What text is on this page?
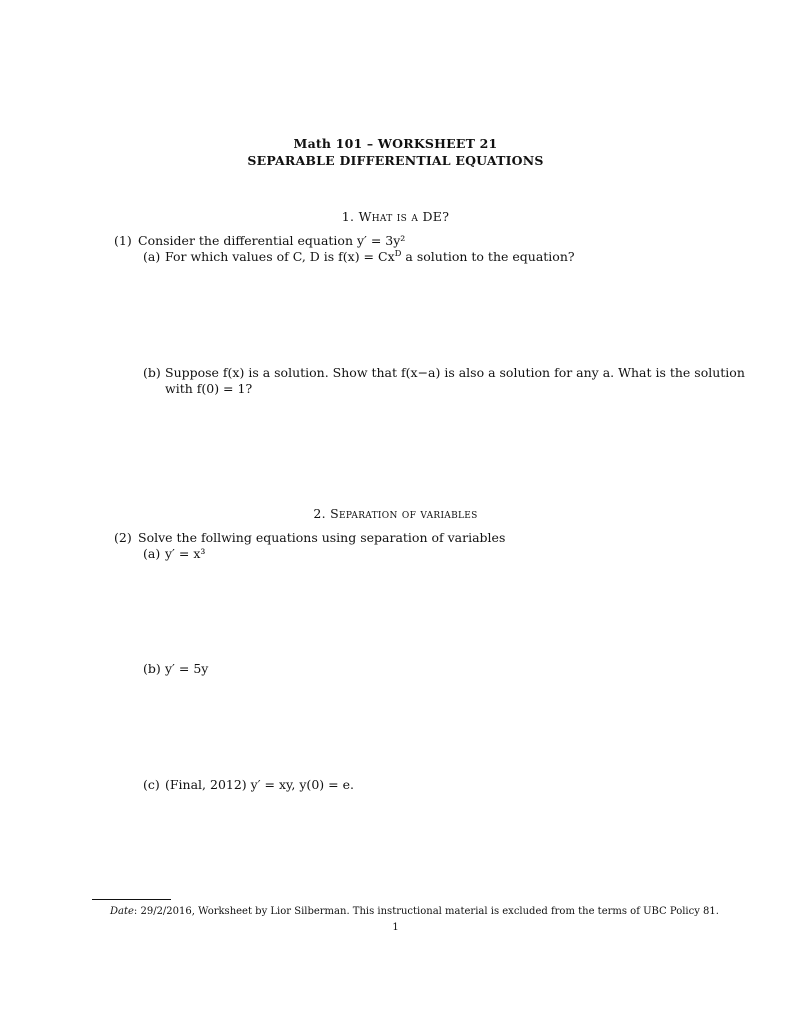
Math 101 – WORKSHEET 21
SEPARABLE DIFFERENTIAL EQUATIONS
1. What is a DE?
(1) Consider the differential equation y′ = 3y²
(a) For which values of C, D is $f(x) = Cx^D$ a solution to the equation?
(b) Suppose f(x) is a solution. Show that f(x−a) is also a solution for any a. What is the solution
with f(0) = 1?
2. Separation of variables
(2) Solve the follwing equations using separation of variables
(a) y′ = x³
(b) y′ = 5y
(c) (Final, 2012) y′ = xy, y(0) = e.
Date: 29/2/2016, Worksheet by Lior Silberman. This instructional material is excluded from the terms of UBC Policy 81.
1
